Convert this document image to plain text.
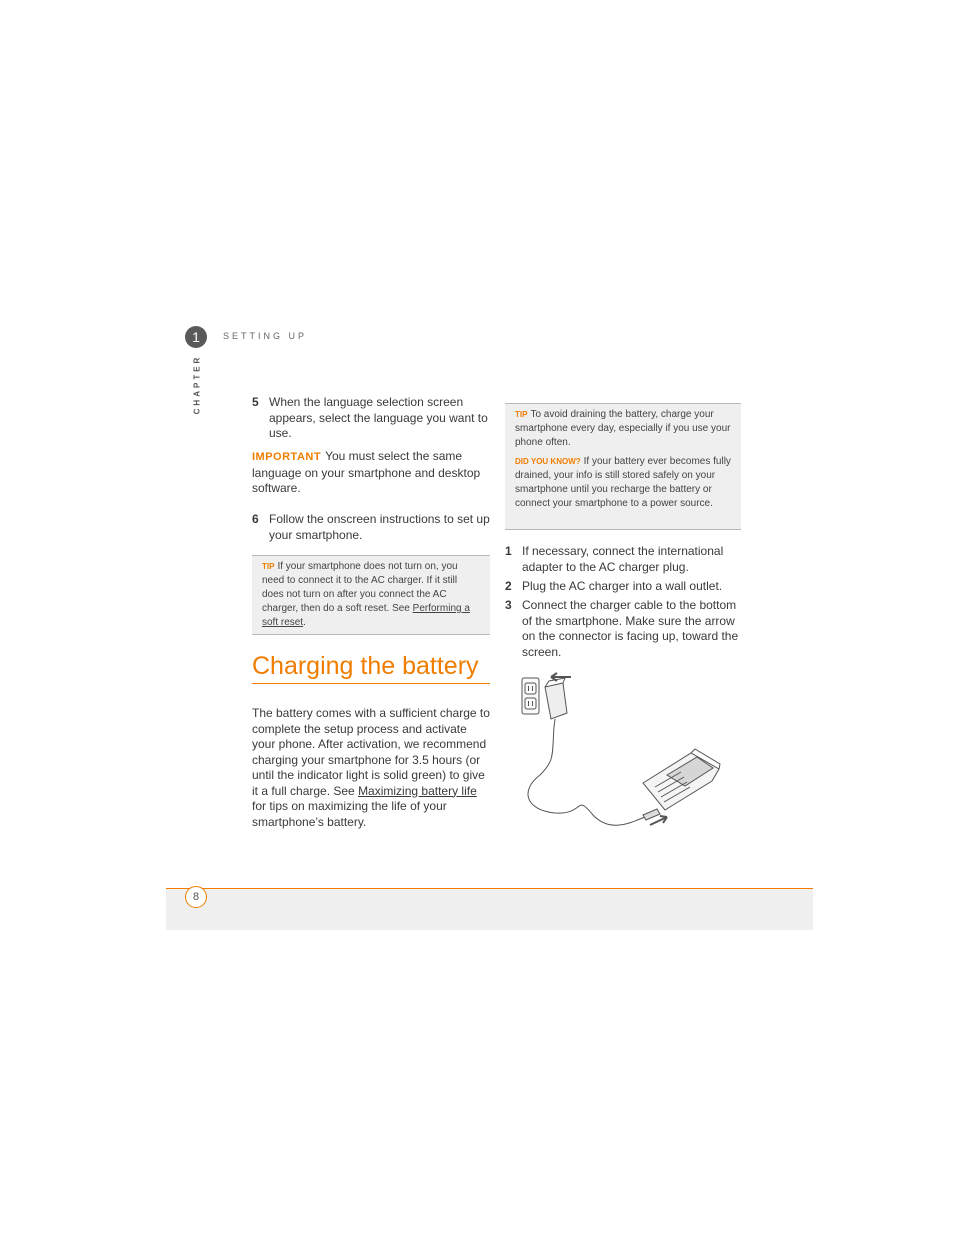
1	SETTING UP
CHAPTER	5 When the language selection screen appears, select the language you want to use.
IMPORTANT You must select the same language on your smartphone and desktop software.
6 Follow the onscreen instructions to set up your smartphone.
TIP If your smartphone does not turn on, you need to connect it to the AC charger. If it still does not turn on after you connect the AC charger, then do a soft reset. See Performing a soft reset.
Charging the battery
The battery comes with a sufficient charge to complete the setup process and activate your phone. After activation, we recommend charging your smartphone for 3.5 hours (or until the indicator light is solid green) to give it a full charge. See Maximizing battery life for tips on maximizing the life of your smartphone’s battery.
TIP To avoid draining the battery, charge your smartphone every day, especially if you use your phone often.
DID YOU KNOW? If your battery ever becomes fully drained, your info is still stored safely on your smartphone until you recharge the battery or connect your smartphone to a power source.
1 If necessary, connect the international adapter to the AC charger plug.
2 Plug the AC charger into a wall outlet.
3 Connect the charger cable to the bottom of the smartphone. Make sure the arrow on the connector is facing up, toward the screen.
8
